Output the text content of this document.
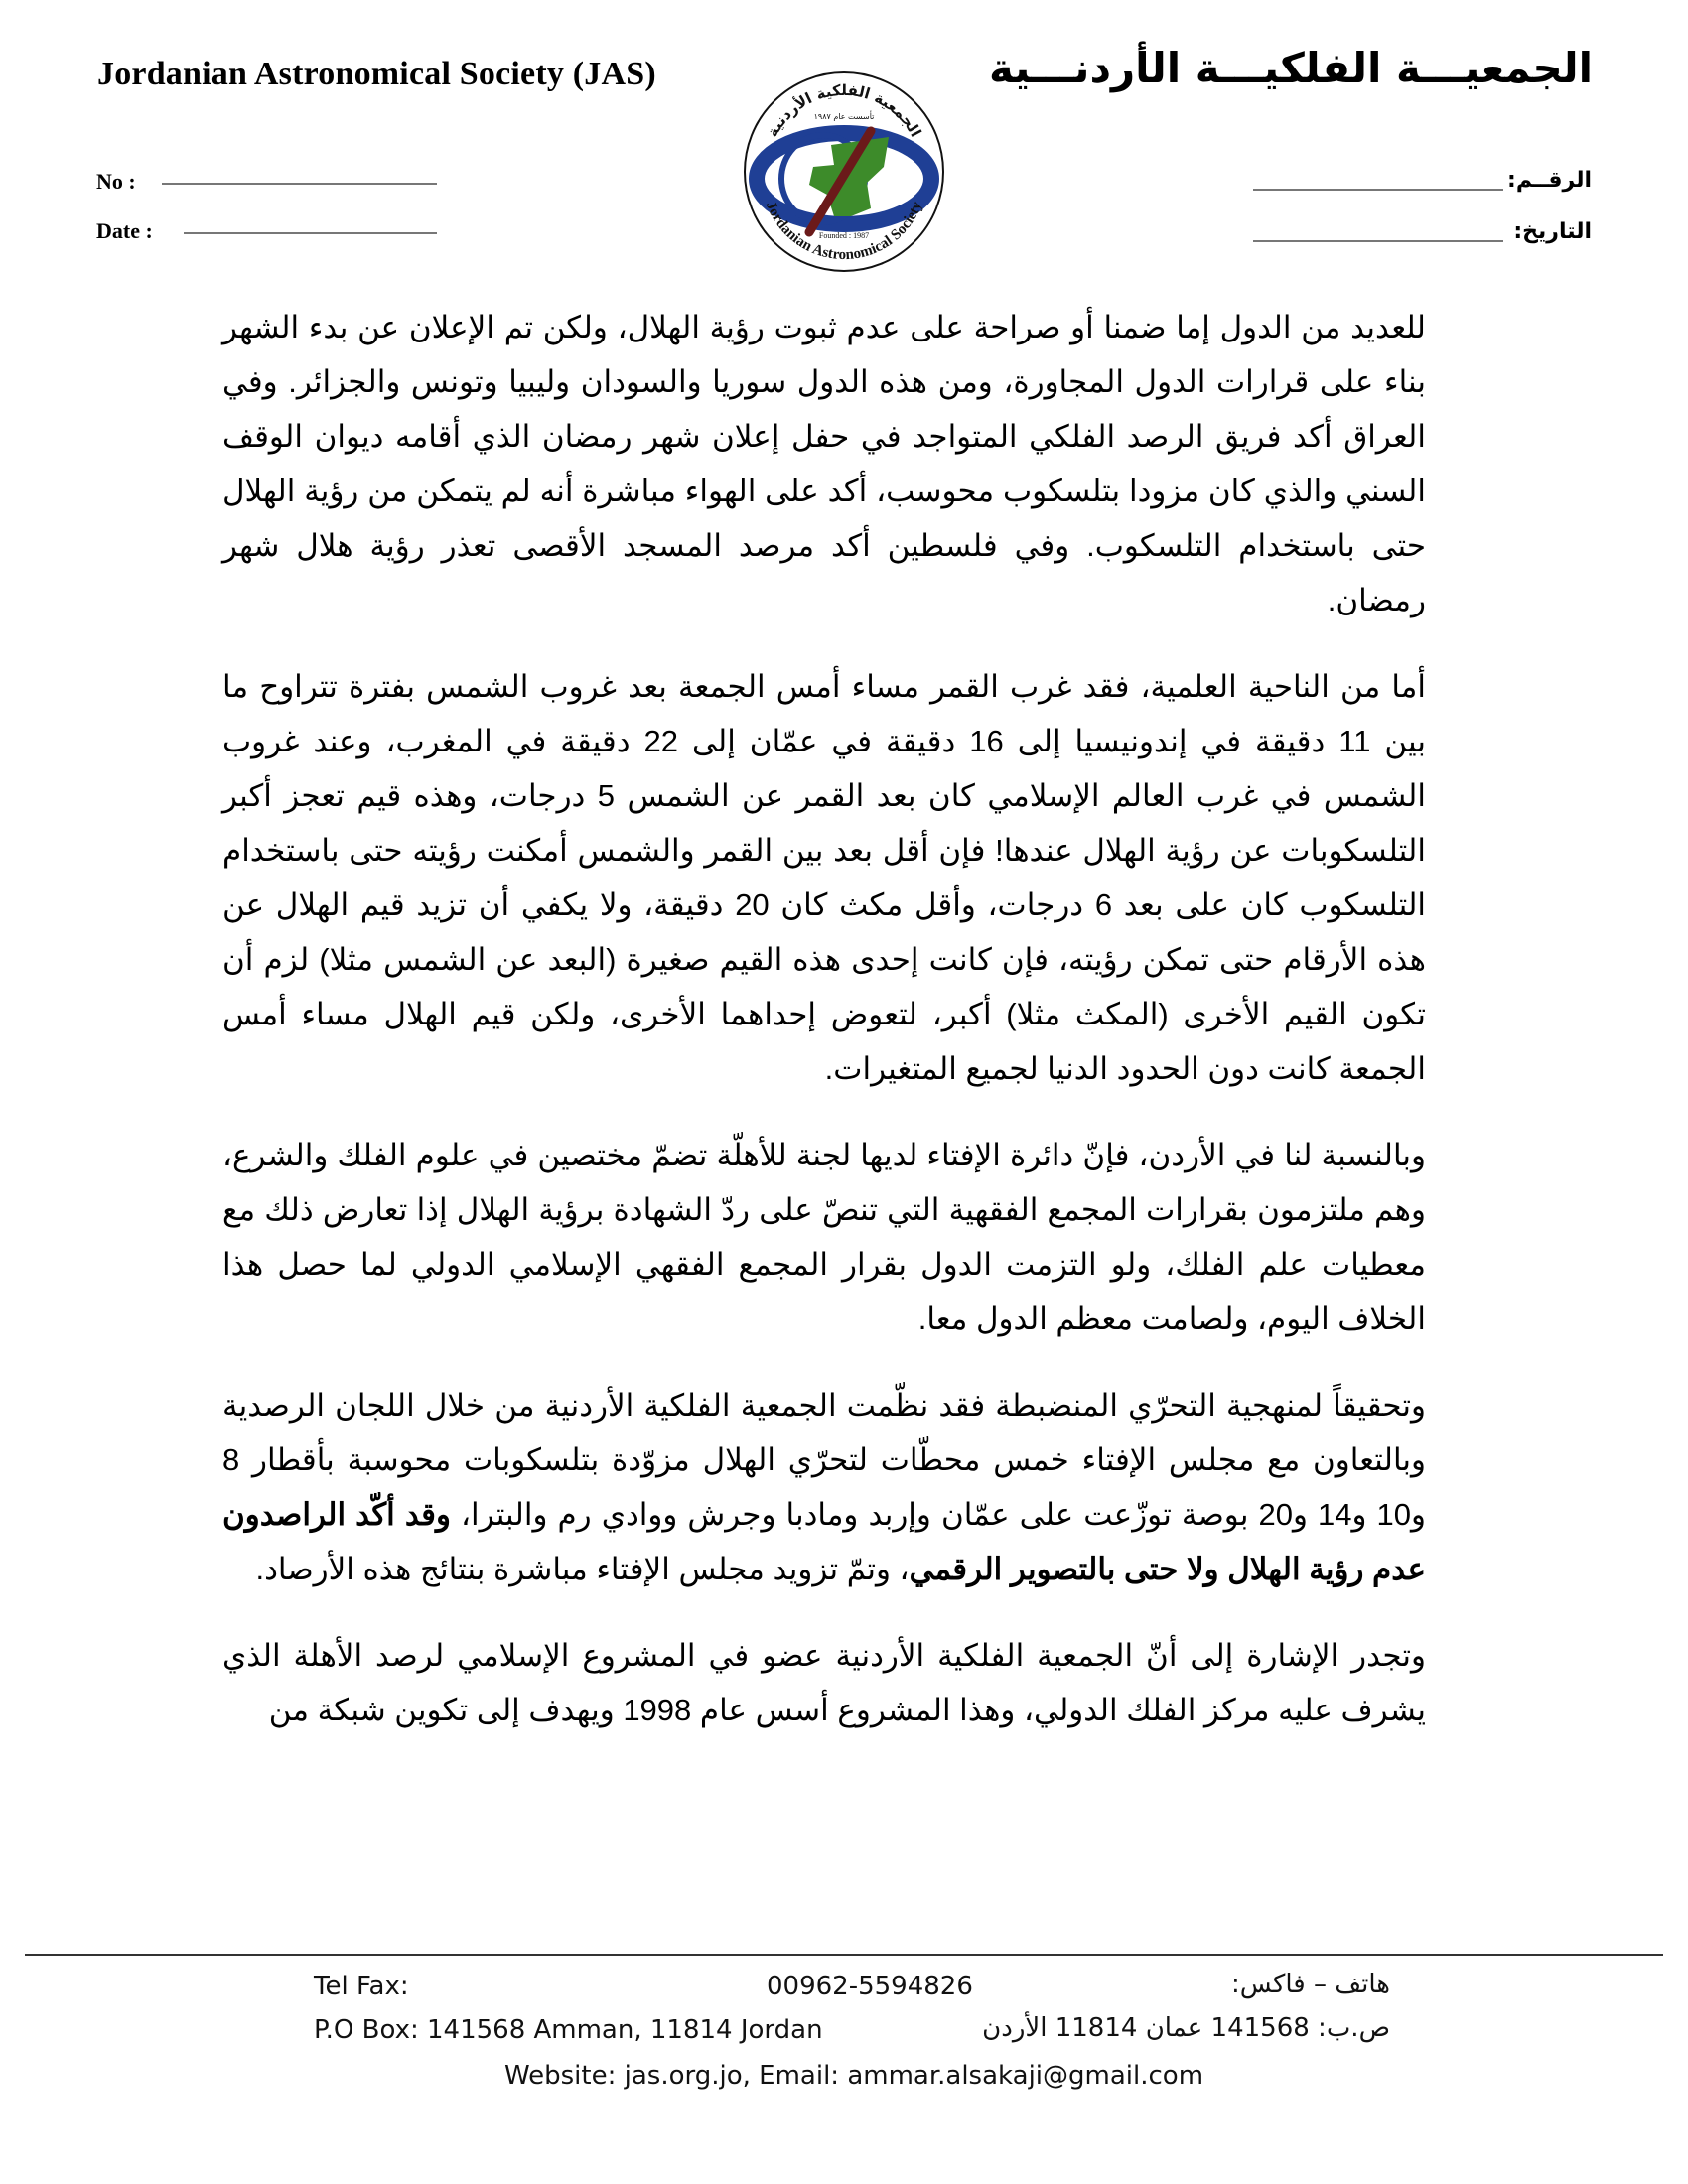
Jordanian Astronomical Society (JAS)	الجمعيـــة الفلكيـــة الأردنـــية
No :
Date :
الرقــم:
التاريخ:
الجمعية الفلكية الأردنية
تأسست عام ١٩٨٧
Founded : 1987
Jordanian Astronomical Society

للعديد من الدول إما ضمنا أو صراحة على عدم ثبوت رؤية الهلال، ولكن تم الإعلان عن بدء الشهر بناء على قرارات الدول المجاورة، ومن هذه الدول سوريا والسودان وليبيا وتونس والجزائر. وفي العراق أكد فريق الرصد الفلكي المتواجد في حفل إعلان شهر رمضان الذي أقامه ديوان الوقف السني والذي كان مزودا بتلسكوب محوسب، أكد على الهواء مباشرة أنه لم يتمكن من رؤية الهلال حتى باستخدام التلسكوب. وفي فلسطين أكد مرصد المسجد الأقصى تعذر رؤية هلال شهر رمضان.

أما من الناحية العلمية، فقد غرب القمر مساء أمس الجمعة بعد غروب الشمس بفترة تتراوح ما بين 11 دقيقة في إندونيسيا إلى 16 دقيقة في عمّان إلى 22 دقيقة في المغرب، وعند غروب الشمس في غرب العالم الإسلامي كان بعد القمر عن الشمس 5 درجات، وهذه قيم تعجز أكبر التلسكوبات عن رؤية الهلال عندها! فإن أقل بعد بين القمر والشمس أمكنت رؤيته حتى باستخدام التلسكوب كان على بعد 6 درجات، وأقل مكث كان 20 دقيقة، ولا يكفي أن تزيد قيم الهلال عن هذه الأرقام حتى تمكن رؤيته، فإن كانت إحدى هذه القيم صغيرة (البعد عن الشمس مثلا) لزم أن تكون القيم الأخرى (المكث مثلا) أكبر، لتعوض إحداهما الأخرى، ولكن قيم الهلال مساء أمس الجمعة كانت دون الحدود الدنيا لجميع المتغيرات.

وبالنسبة لنا في الأردن، فإنّ دائرة الإفتاء لديها لجنة للأهلّة تضمّ مختصين في علوم الفلك والشرع، وهم ملتزمون بقرارات المجمع الفقهية التي تنصّ على ردّ الشهادة برؤية الهلال إذا تعارض ذلك مع معطيات علم الفلك، ولو التزمت الدول بقرار المجمع الفقهي الإسلامي الدولي لما حصل هذا الخلاف اليوم، ولصامت معظم الدول معا.

وتحقيقاً لمنهجية التحرّي المنضبطة فقد نظّمت الجمعية الفلكية الأردنية من خلال اللجان الرصدية وبالتعاون مع مجلس الإفتاء خمس محطّات لتحرّي الهلال مزوّدة بتلسكوبات محوسبة بأقطار 8 و10 و14 و20 بوصة توزّعت على عمّان وإربد ومادبا وجرش ووادي رم والبترا، وقد أكّد الراصدون عدم رؤية الهلال ولا حتى بالتصوير الرقمي، وتمّ تزويد مجلس الإفتاء مباشرة بنتائج هذه الأرصاد.

وتجدر الإشارة إلى أنّ الجمعية الفلكية الأردنية عضو في المشروع الإسلامي لرصد الأهلة الذي يشرف عليه مركز الفلك الدولي، وهذا المشروع أسس عام 1998 ويهدف إلى تكوين شبكة من

Tel Fax:	00962-5594826	هاتف – فاكس:
P.O Box: 141568 Amman, 11814 Jordan	ص.ب: 141568 عمان 11814 الأردن
Website: jas.org.jo, Email: ammar.alsakaji@gmail.com
